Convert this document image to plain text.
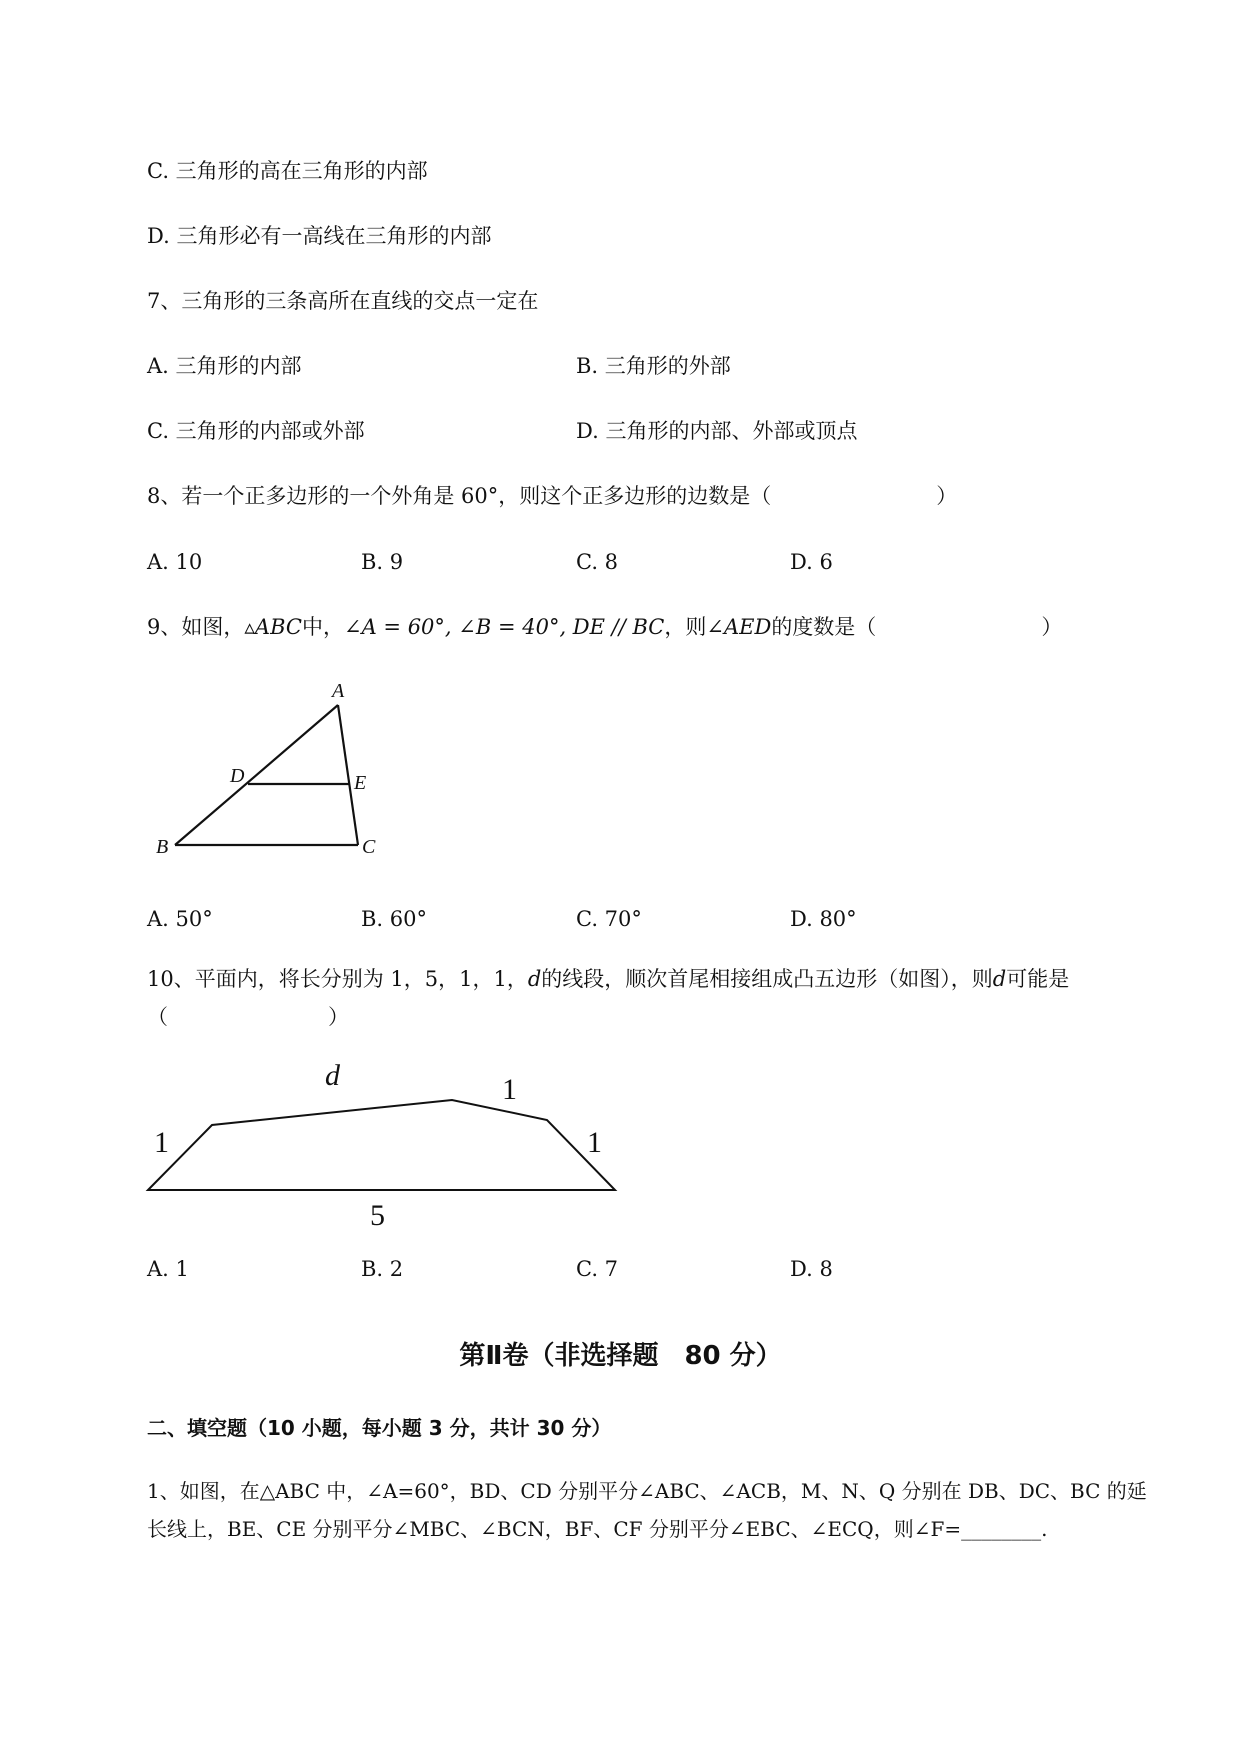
C. 三角形的高在三角形的内部
D. 三角形必有一高线在三角形的内部
7、三角形的三条高所在直线的交点一定在
A. 三角形的内部	B. 三角形的外部
C. 三角形的内部或外部	D. 三角形的内部、外部或顶点
8、若一个正多边形的一个外角是 60°，则这个正多边形的边数是（	）
A. 10	B. 9	C. 8	D. 6
9、如图，▵ABC中，∠A = 60°, ∠B = 40°, DE // BC，则∠AED的度数是（	）
A
B	C
D	E
A. 50°	B. 60°	C. 70°	D. 80°
10、平面内，将长分别为 1，5，1，1，d的线段，顺次首尾相接组成凸五边形（如图），则d可能是
（	）
d	1
1	1
5
A. 1	B. 2	C. 7	D. 8
第Ⅱ卷（非选择题　80 分）
二、填空题（10 小题，每小题 3 分，共计 30 分）
1、如图，在△ABC 中，∠A=60°，BD、CD 分别平分∠ABC、∠ACB，M、N、Q 分别在 DB、DC、BC 的延
长线上，BE、CE 分别平分∠MBC、∠BCN，BF、CF 分别平分∠EBC、∠ECQ，则∠F=________.
